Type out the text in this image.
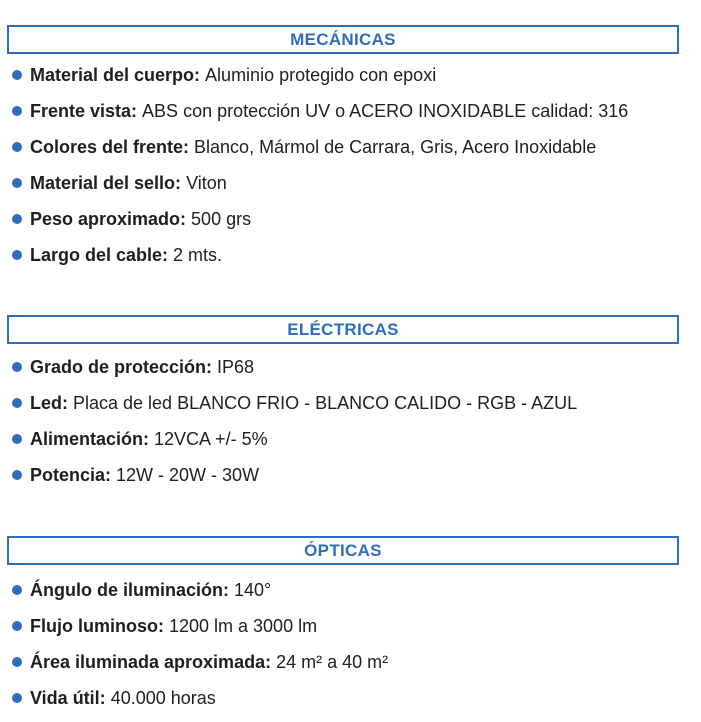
MECÁNICAS
Material del cuerpo: Aluminio protegido con epoxi
Frente vista: ABS con protección UV o ACERO INOXIDABLE calidad: 316
Colores del frente: Blanco, Mármol de Carrara, Gris, Acero Inoxidable
Material del sello: Viton
Peso aproximado: 500 grs
Largo del cable: 2 mts.
ELÉCTRICAS
Grado de protección: IP68
Led: Placa de led BLANCO FRIO - BLANCO CALIDO - RGB - AZUL
Alimentación: 12VCA +/- 5%
Potencia: 12W - 20W - 30W
ÓPTICAS
Ángulo de iluminación: 140°
Flujo luminoso: 1200 lm a 3000 lm
Área iluminada aproximada: 24 m² a 40 m²
Vida útil: 40.000 horas
